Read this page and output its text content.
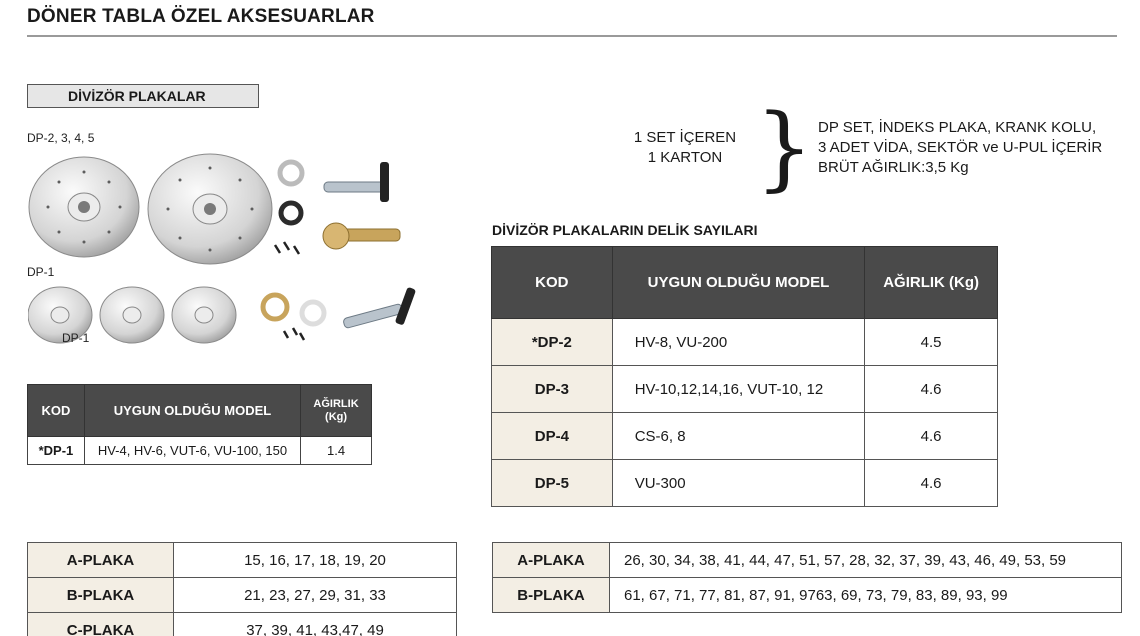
DÖNER TABLA ÖZEL AKSESUARLAR
DİVİZÖR PLAKALAR
DP-2, 3, 4, 5
DP-1
DP-1
KOD	UYGUN OLDUĞU MODEL	AĞIRLIK (Kg)
*DP-1	HV-4, HV-6, VUT-6, VU-100, 150	1.4
1 SET İÇEREN
1 KARTON } DP SET, İNDEKS PLAKA, KRANK KOLU,
3 ADET VİDA, SEKTÖR ve U-PUL İÇERİR
BRÜT AĞIRLIK:3,5 Kg
DİVİZÖR PLAKALARIN DELİK SAYILARI
KOD	UYGUN OLDUĞU MODEL	AĞIRLIK (Kg)
*DP-2	HV-8, VU-200	4.5
DP-3	HV-10,12,14,16, VUT-10, 12	4.6
DP-4	CS-6, 8	4.6
DP-5	VU-300	4.6
A-PLAKA	15, 16, 17, 18, 19, 20
B-PLAKA	21, 23, 27, 29, 31, 33
C-PLAKA	37, 39, 41, 43,47, 49
A-PLAKA	26, 30, 34, 38, 41, 44, 47, 51, 57, 28, 32, 37, 39, 43, 46, 49, 53, 59
B-PLAKA	61, 67, 71, 77, 81, 87, 91, 9763, 69, 73, 79, 83, 89, 93, 99
